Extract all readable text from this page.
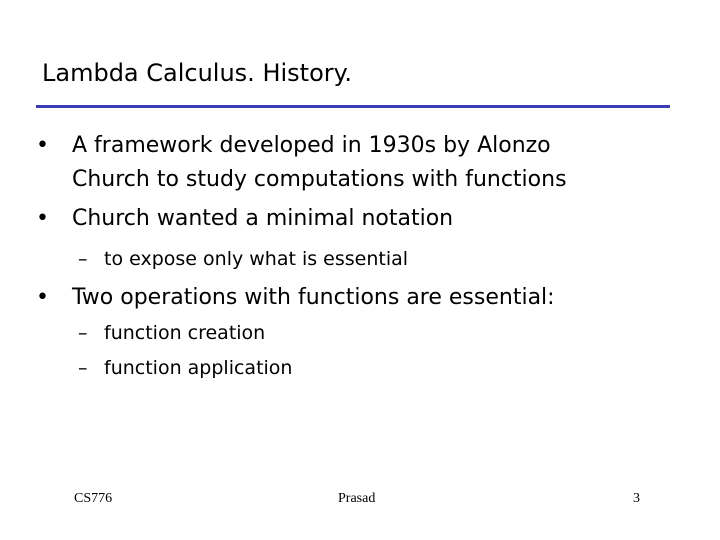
Lambda Calculus. History.
• A framework developed in 1930s by Alonzo
Church to study computations with functions
• Church wanted a minimal notation
– to expose only what is essential
• Two operations with functions are essential:
– function creation
– function application
CS776	Prasad	3
